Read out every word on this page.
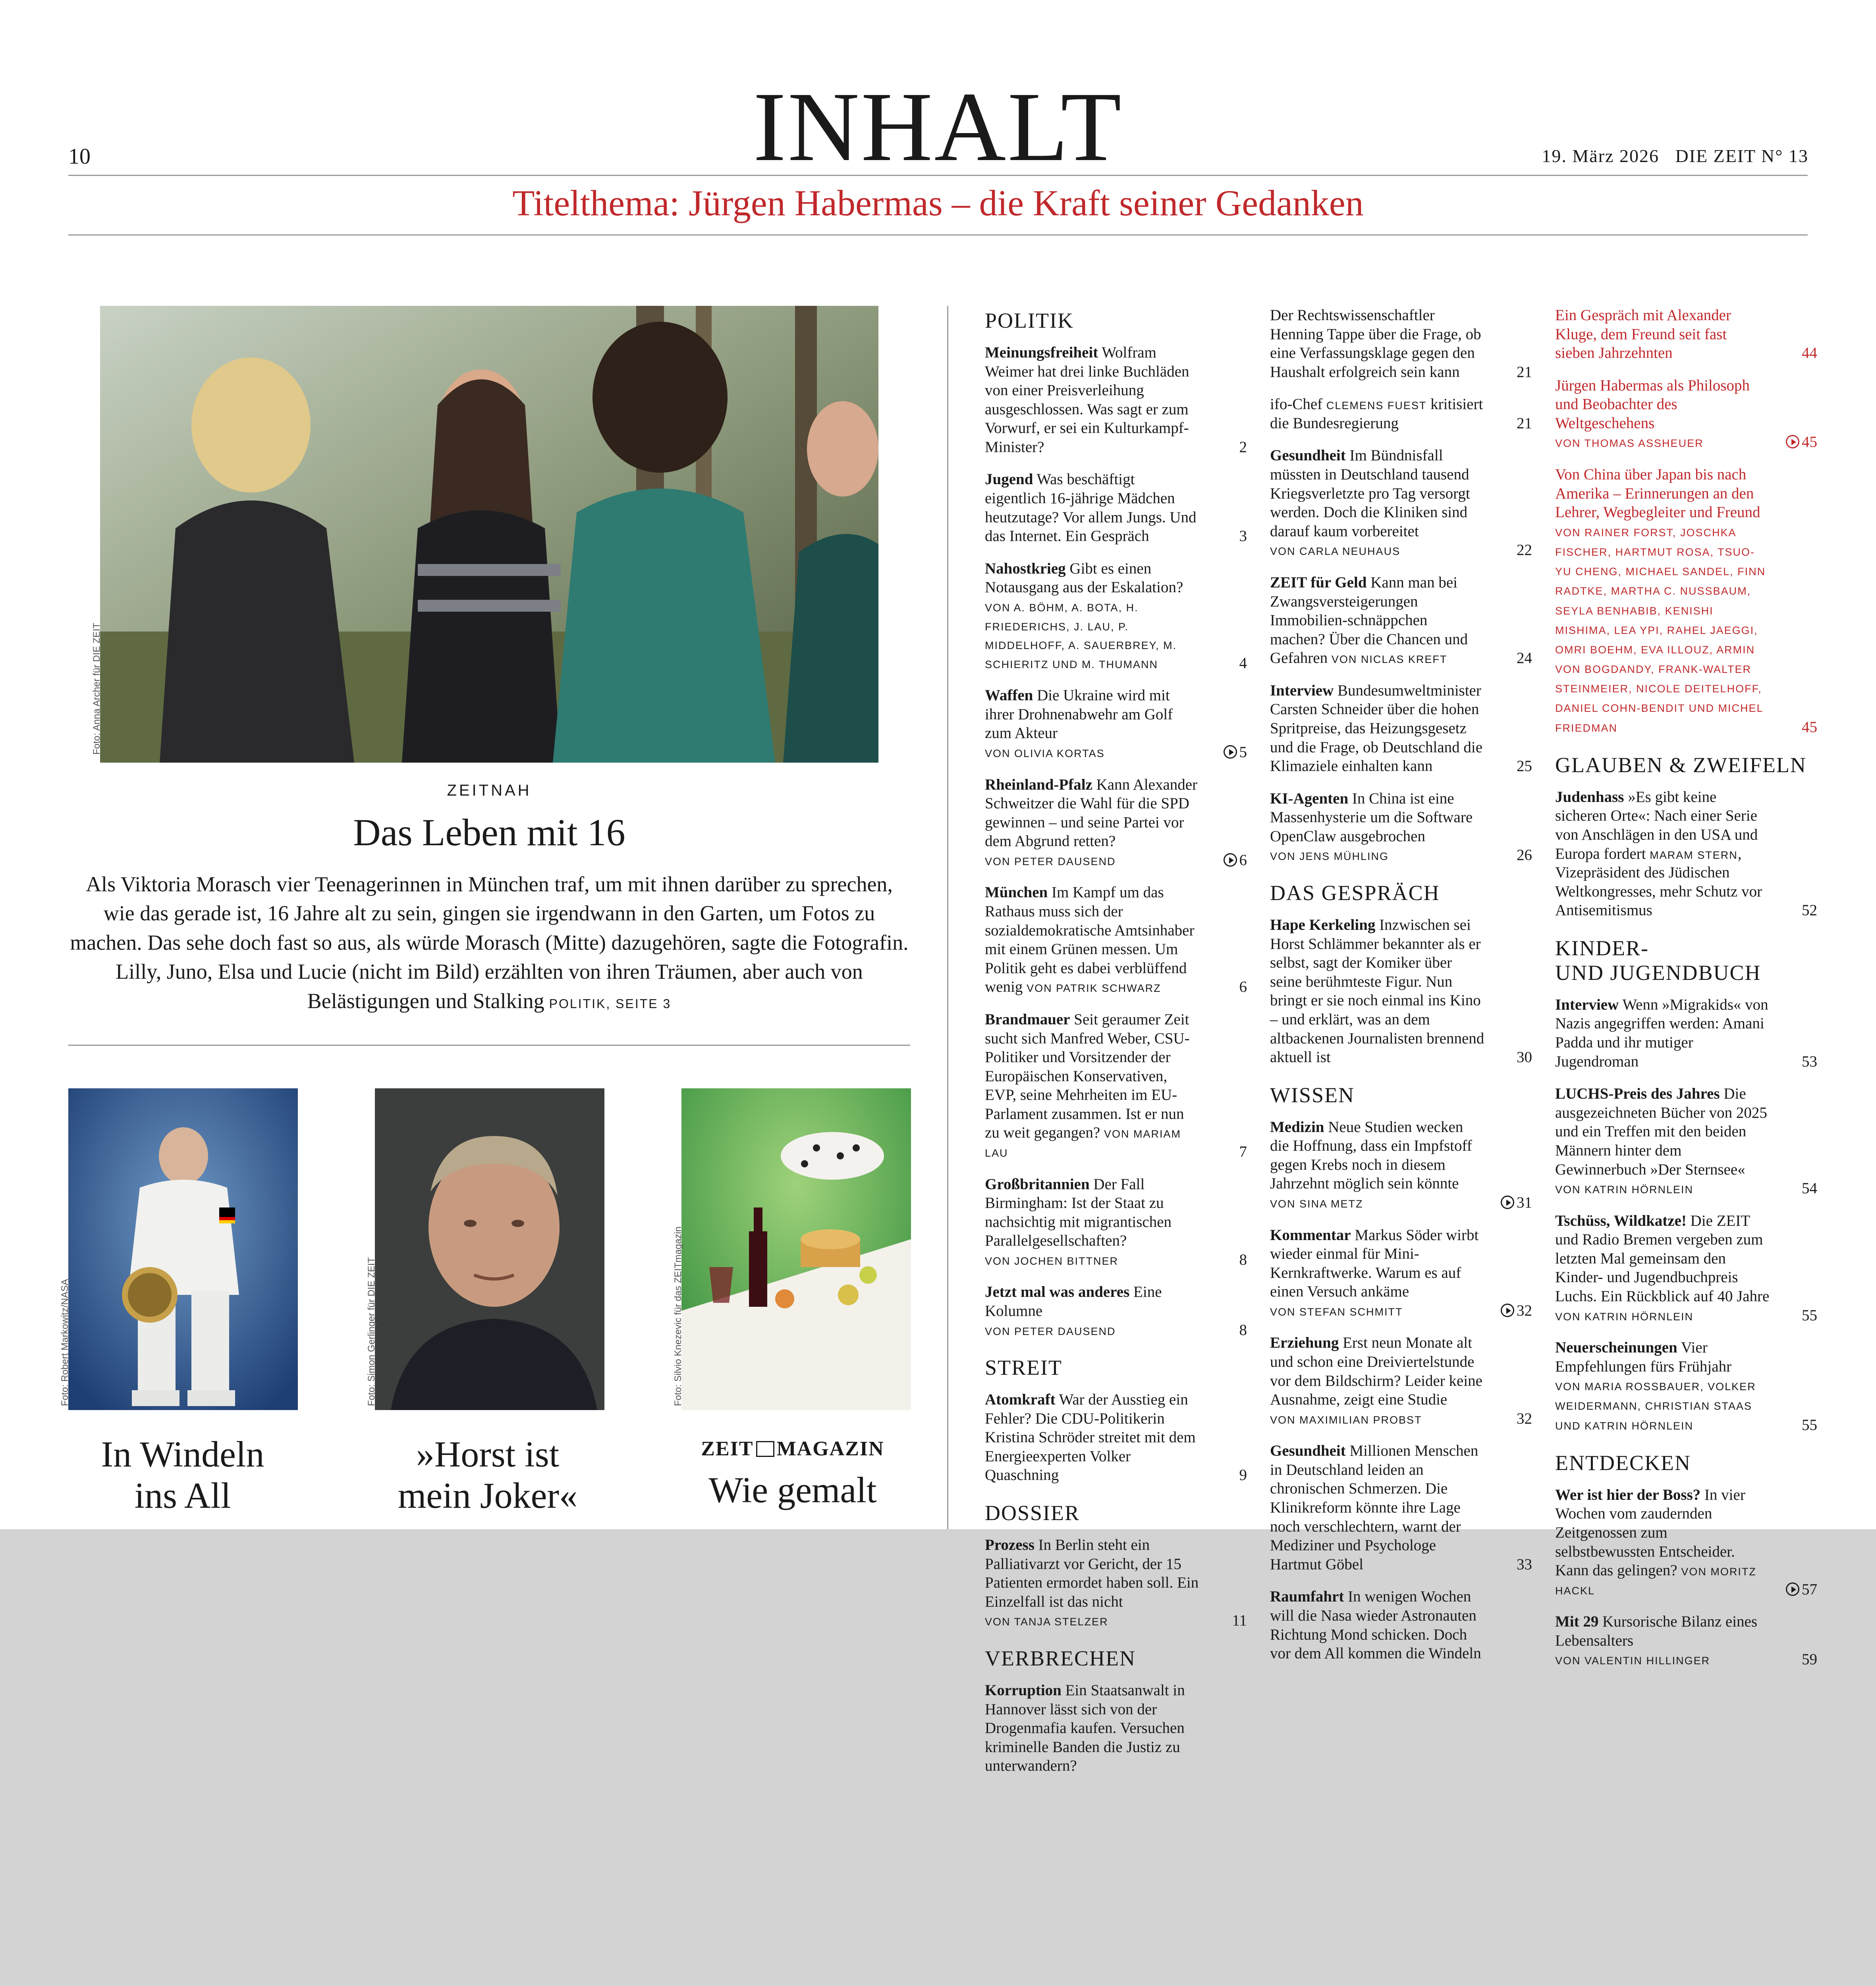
10	INHALT	19. März 2026   DIE ZEIT N° 13
Titelthema: Jürgen Habermas – die Kraft seiner Gedanken
Foto: Anna Archer für DIE ZEIT
ZEITNAH
Das Leben mit 16
Als Viktoria Morasch vier Teenagerinnen in München traf, um mit ihnen darüber zu sprechen, wie das gerade ist, 16 Jahre alt zu sein, gingen sie irgendwann in den Garten, um Fotos zu machen. Das sehe doch fast so aus, als würde Morasch (Mitte) dazugehören, sagte die Fotografin. Lilly, Juno, Elsa und Lucie (nicht im Bild) erzählten von ihren Träumen, aber auch von Belästigungen und Stalking POLITIK, SEITE 3
Foto: Robert Markowitz/NASA
In Windeln
ins All
Foto: Simon Gerlinger für DIE ZEIT
»Horst ist
mein Joker«
Foto: Silvio Knezevic für das ZEITmagazin
ZEIT MAGAZIN
Wie gemalt
POLITIK
Meinungsfreiheit Wolfram Weimer hat drei linke Buchläden von einer Preisverleihung ausgeschlossen. Was sagt er zum Vorwurf, er sei ein Kulturkampf-Minister?	2
Jugend Was beschäftigt eigentlich 16-jährige Mädchen heutzutage? Vor allem Jungs. Und das Internet. Ein Gespräch	3
Nahostkrieg Gibt es einen Notausgang aus der Eskalation?
VON A. BÖHM, A. BOTA, H. FRIEDERICHS, J. LAU, P. MIDDELHOFF, A. SAUERBREY, M. SCHIERITZ UND M. THUMANN	4
Waffen Die Ukraine wird mit ihrer Drohnenabwehr am Golf zum Akteur
VON OLIVIA KORTAS	5
Rheinland-Pfalz Kann Alexander Schweitzer die Wahl für die SPD gewinnen – und seine Partei vor dem Abgrund retten?
VON PETER DAUSEND	6
München Im Kampf um das Rathaus muss sich der sozialdemokratische Amtsinhaber mit einem Grünen messen. Um Politik geht es dabei verblüffend wenig VON PATRIK SCHWARZ	6
Brandmauer Seit geraumer Zeit sucht sich Manfred Weber, CSU-Politiker und Vorsitzender der Europäischen Konservativen, EVP, seine Mehrheiten im EU-Parlament zusammen. Ist er nun zu weit gegangen? VON MARIAM LAU	7
Großbritannien Der Fall Birmingham: Ist der Staat zu nachsichtig mit migrantischen Parallelgesellschaften?
VON JOCHEN BITTNER	8
Jetzt mal was anderes Eine Kolumne
VON PETER DAUSEND	8
STREIT
Atomkraft War der Ausstieg ein Fehler? Die CDU-Politikerin Kristina Schröder streitet mit dem Energieexperten Volker Quaschning	9
DOSSIER
Prozess In Berlin steht ein Palliativarzt vor Gericht, der 15 Patienten ermordet haben soll. Ein Einzelfall ist das nicht
VON TANJA STELZER	11
VERBRECHEN
Korruption Ein Staatsanwalt in Hannover lässt sich von der Drogenmafia kaufen. Versuchen kriminelle Banden die Justiz zu unterwandern?
Der Rechtswissenschaftler Henning Tappe über die Frage, ob eine Verfassungsklage gegen den Haushalt erfolgreich sein kann	21
ifo-Chef CLEMENS FUEST kritisiert die Bundesregierung	21
Gesundheit Im Bündnisfall müssten in Deutschland tausend Kriegsverletzte pro Tag versorgt werden. Doch die Kliniken sind darauf kaum vorbereitet
VON CARLA NEUHAUS	22
ZEIT für Geld Kann man bei Zwangsversteigerungen Immobilien-schnäppchen machen? Über die Chancen und Gefahren VON NICLAS KREFT	24
Interview Bundesumweltminister Carsten Schneider über die hohen Spritpreise, das Heizungsgesetz und die Frage, ob Deutschland die Klimaziele einhalten kann	25
KI-Agenten In China ist eine Massenhysterie um die Software OpenClaw ausgebrochen
VON JENS MÜHLING	26
DAS GESPRÄCH
Hape Kerkeling Inzwischen sei Horst Schlämmer bekannter als er selbst, sagt der Komiker über seine berühmteste Figur. Nun bringt er sie noch einmal ins Kino – und erklärt, was an dem altbackenen Journalisten brennend aktuell ist	30
WISSEN
Medizin Neue Studien wecken die Hoffnung, dass ein Impfstoff gegen Krebs noch in diesem Jahrzehnt möglich sein könnte
VON SINA METZ	31
Kommentar Markus Söder wirbt wieder einmal für Mini-Kernkraftwerke. Warum es auf einen Versuch ankäme
VON STEFAN SCHMITT	32
Erziehung Erst neun Monate alt und schon eine Dreiviertelstunde vor dem Bildschirm? Leider keine Ausnahme, zeigt eine Studie
VON MAXIMILIAN PROBST	32
Gesundheit Millionen Menschen in Deutschland leiden an chronischen Schmerzen. Die Klinikreform könnte ihre Lage noch verschlechtern, warnt der Mediziner und Psychologe Hartmut Göbel	33
Raumfahrt In wenigen Wochen will die Nasa wieder Astronauten Richtung Mond schicken. Doch vor dem All kommen die Windeln
Ein Gespräch mit Alexander Kluge, dem Freund seit fast sieben Jahrzehnten	44
Jürgen Habermas als Philosoph und Beobachter des Weltgeschehens
VON THOMAS ASSHEUER	45
Von China über Japan bis nach Amerika – Erinnerungen an den Lehrer, Wegbegleiter und Freund
VON RAINER FORST, JOSCHKA FISCHER, HARTMUT ROSA, TSUO-YU CHENG, MICHAEL SANDEL, FINN RADTKE, MARTHA C. NUSSBAUM, SEYLA BENHABIB, KENISHI MISHIMA, LEA YPI, RAHEL JAEGGI, OMRI BOEHM, EVA ILLOUZ, ARMIN VON BOGDANDY, FRANK-WALTER STEINMEIER, NICOLE DEITELHOFF, DANIEL COHN-BENDIT UND MICHEL FRIEDMAN	45
GLAUBEN & ZWEIFELN
Judenhass »Es gibt keine sicheren Orte«: Nach einer Serie von Anschlägen in den USA und Europa fordert MARAM STERN, Vizepräsident des Jüdischen Weltkongresses, mehr Schutz vor Antisemitismus	52
KINDER-
UND JUGENDBUCH
Interview Wenn »Migrakids« von Nazis angegriffen werden: Amani Padda und ihr mutiger Jugendroman	53
LUCHS-Preis des Jahres Die ausgezeichneten Bücher von 2025 und ein Treffen mit den beiden Männern hinter dem Gewinnerbuch »Der Sternsee«
VON KATRIN HÖRNLEIN	54
Tschüss, Wildkatze! Die ZEIT und Radio Bremen vergeben zum letzten Mal gemeinsam den Kinder- und Jugendbuchpreis Luchs. Ein Rückblick auf 40 Jahre VON KATRIN HÖRNLEIN	55
Neuerscheinungen Vier Empfehlungen fürs Frühjahr
VON MARIA ROSSBAUER, VOLKER WEIDERMANN, CHRISTIAN STAAS UND KATRIN HÖRNLEIN	55
ENTDECKEN
Wer ist hier der Boss? In vier Wochen vom zaudernden Zeitgenossen zum selbstbewussten Entscheider. Kann das gelingen? VON MORITZ HACKL	57
Mit 29 Kursorische Bilanz eines Lebensalters
VON VALENTIN HILLINGER	59
